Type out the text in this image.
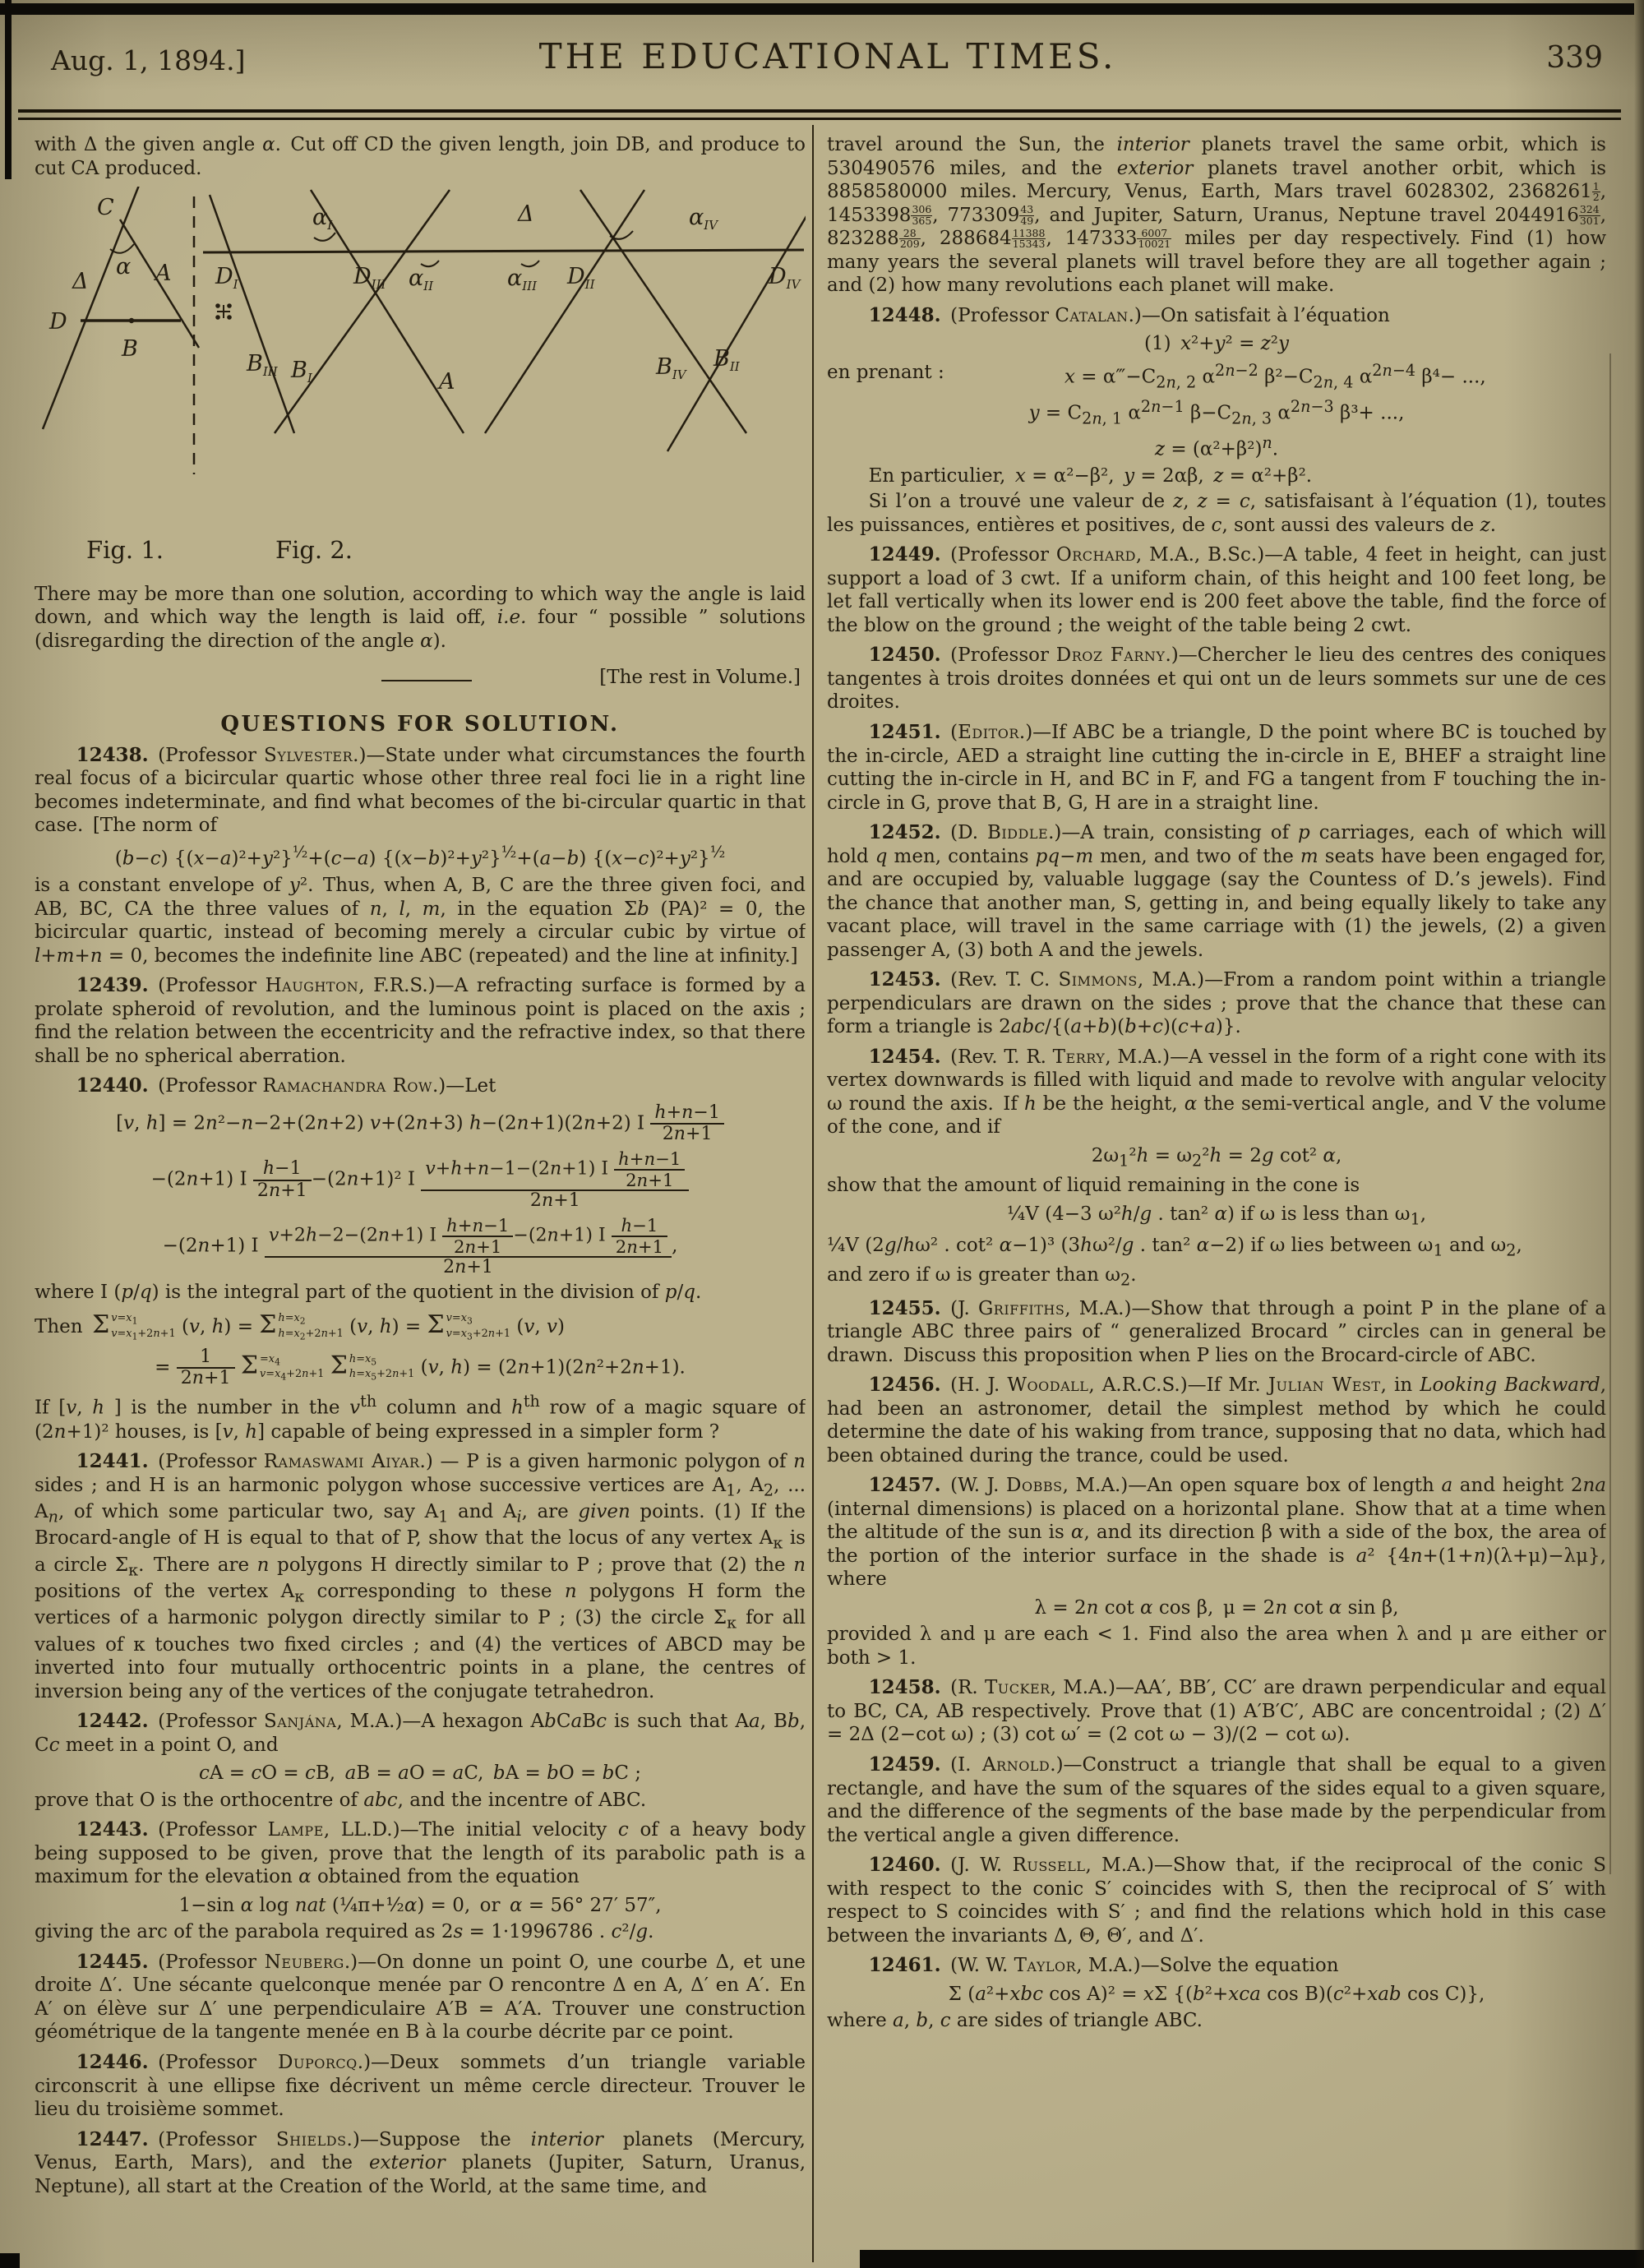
Aug. 1, 1894.]	THE EDUCATIONAL TIMES.	339

with Δ the given angle α. Cut off CD the given length, join DB, and produce to cut CA produced.

C
α
Δ	A
D
B
$D_I$	$D_{III}$	$D_{II}$	$D_{IV}$
$\alpha_I$
$\alpha_{II}$	$\alpha_{III}$
$\alpha_{IV}$
Δ
A
$B_{III}$ $B_I$	$B_{IV}$
$B_{II}$
Fig. 1.	Fig. 2.

There may be more than one solution, according to which way the angle is laid down, and which way the length is laid off, i.e. four “ possible ” solutions (disregarding the direction of the angle α).

[The rest in Volume.]
QUESTIONS FOR SOLUTION.

12438. (Professor Sylvester.)—State under what circumstances the fourth real focus of a bicircular quartic whose other three real foci lie in a right line becomes indeterminate, and find what becomes of the bi-circular quartic in that case. [The norm of
(b−c) $\{(x-a)^2+y^2\}^{\frac{1}{2}}+(c-a)$ $\{(x-b)^2+y^2\}^{\frac{1}{2}}+(a-b)$ $\{(x-c)^2+y^2\}^{\frac{1}{2}}$
is a constant envelope of y². Thus, when A, B, C are the three given foci, and AB, BC, CA the three values of n, l, m, in the equation Σb (PA)² = 0, the bicircular quartic, instead of becoming merely a circular cubic by virtue of l+m+n = 0, becomes the indefinite line ABC (repeated) and the line at infinity.]

12439. (Professor Haughton, F.R.S.)—A refracting surface is formed by a prolate spheroid of revolution, and the luminous point is placed on the axis ; find the relation between the eccentricity and the refractive index, so that there shall be no spherical aberration.

12440. (Professor Ramachandra Row.)—Let
[v, h] = 2n²−n−2+(2n+2) v+(2n+3) h−(2n+1)(2n+2) I $\frac{h+n-1}{2n+1}$
−(2n+1) I $\frac{h-1}{2n+1} -(2n+1)^2$ I $\frac{v+h+n-1-(2n+1) I \frac{h+n-1}{2n+1}}{2n+1}$
−(2n+1) I $\frac{v+2h-2-(2n+1) I \frac{h+n-1}{2n+1} -(2n+1) I \frac{h-1}{2n+1}}{2n+1}$ ,
where I (p/q) is the integral part of the quotient in the division of p/q.
Then Σ $v=x_1$
$v=x_1+2n+1$ (v, h) = Σ $h=x_2$
$h=x_2+2n+1$ (v, h) = Σ $v=x_3$
$v=x_3+2n+1$ (v, v)
= $\frac{1}{2n+1}$ $\Sigma =x_4$
$v=x_4+2n+1$ Σ $h=x_5$
$h=x_5+2n+1$ (v, h) = (2n+1)(2n²+2n+1).
If [v, h ] is the number in the $v^{th}$ column and $h^{th}$ row of a magic square of (2n+1)² houses, is [v, h] capable of being expressed in a simpler form ?

12441. (Professor Ramaswami Aiyar.) — P is a given harmonic polygon of n sides ; and H is an harmonic polygon whose successive vertices are $A_1$, $A_2$, ... $A_n$, of which some particular two, say $A_1$ and $A_i$, are given points. (1) If the Brocard-angle of H is equal to that of P, show that the locus of any vertex $A_\kappa$ is a circle $\Sigma_\kappa$. There are n polygons H directly similar to P ; prove that (2) the n positions of the vertex $A_\kappa$ corresponding to these n polygons H form the vertices of a harmonic polygon directly similar to P ; (3) the circle $\Sigma_\kappa$ for all values of κ touches two fixed circles ; and (4) the vertices of ABCD may be inverted into four mutually orthocentric points in a plane, the centres of inversion being any of the vertices of the conjugate tetrahedron.

12442. (Professor Sanjána, M.A.)—A hexagon AbCaBc is such that Aa, Bb, Cc meet in a point O, and
cA = cO = cB, aB = aO = aC, bA = bO = bC ;
prove that O is the orthocentre of abc, and the incentre of ABC.

12443. (Professor Lampe, LL.D.)—The initial velocity c of a heavy body being supposed to be given, prove that the length of its parabolic path is a maximum for the elevation α obtained from the equation
1−sin α log nat (¼π+½α) = 0, or α = 56° 27′ 57″,
giving the arc of the parabola required as 2s = 1·1996786 . c²/g.

12445. (Professor Neuberg.)—On donne un point O, une courbe Δ, et une droite Δ′. Une sécante quelconque menée par O rencontre Δ en A, Δ′ en A′. En A′ on élève sur Δ′ une perpendiculaire A′B = A′A. Trouver une construction géométrique de la tangente menée en B à la courbe décrite par ce point.

12446. (Professor Duporcq.)—Deux sommets d’un triangle variable circonscrit à une ellipse fixe décrivent un même cercle directeur. Trouver le lieu du troisième sommet.

12447. (Professor Shields.)—Suppose the interior planets (Mercury, Venus, Earth, Mars), and the exterior planets (Jupiter, Saturn, Uranus, Neptune), all start at the Creation of the World, at the same time, and

travel around the Sun, the interior planets travel the same orbit, which is 530490576 miles, and the exterior planets travel another orbit, which is 8858580000 miles. Mercury, Venus, Earth, Mars travel 6028302, $2368261 \frac{1}{2}$ , $1453398 \frac{306}{365}$ , $773309 \frac{43}{49}$ , and Jupiter, Saturn, Uranus, Neptune travel $2044916 \frac{324}{301}$ , $823288 \frac{28}{209}$ , $288684 \frac{11388}{15343}$ , $147333 \frac{6007}{10021}$ miles per day respectively. Find (1) how many years the several planets will travel before they are all together again ; and (2) how many revolutions each planet will make.

12448. (Professor Catalan.)—On satisfait à l’équation
(1) x²+y² = z²y
en prenant :	$x = \alpha‴-C_{2n, 2}$ $\alpha^{2n-2}$ $\beta^2-C_{2n, 4}$ $\alpha^{2n-4}$ β⁴− ...,
$y = C_{2n, 1}$ $\alpha^{2n-1}$ $\beta-C_{2n, 3}$ $\alpha^{2n-3}$ β³+ ...,
$z = (\alpha^2+\beta^2)^n$.
En particulier, x = α²−β², y = 2αβ, z = α²+β².
Si l’on a trouvé une valeur de z, z = c, satisfaisant à l’équation (1), toutes les puissances, entières et positives, de c, sont aussi des valeurs de z.

12449. (Professor Orchard, M.A., B.Sc.)—A table, 4 feet in height, can just support a load of 3 cwt. If a uniform chain, of this height and 100 feet long, be let fall vertically when its lower end is 200 feet above the table, find the force of the blow on the ground ; the weight of the table being 2 cwt.

12450. (Professor Droz Farny.)—Chercher le lieu des centres des coniques tangentes à trois droites données et qui ont un de leurs sommets sur une de ces droites.

12451. (Editor.)—If ABC be a triangle, D the point where BC is touched by the in-circle, AED a straight line cutting the in-circle in E, BHEF a straight line cutting the in-circle in H, and BC in F, and FG a tangent from F touching the in-circle in G, prove that B, G, H are in a straight line.

12452. (D. Biddle.)—A train, consisting of p carriages, each of which will hold q men, contains pq−m men, and two of the m seats have been engaged for, and are occupied by, valuable luggage (say the Countess of D.’s jewels). Find the chance that another man, S, getting in, and being equally likely to take any vacant place, will travel in the same carriage with (1) the jewels, (2) a given passenger A, (3) both A and the jewels.

12453. (Rev. T. C. Simmons, M.A.)—From a random point within a triangle perpendiculars are drawn on the sides ; prove that the chance that these can form a triangle is 2abc/{(a+b)(b+c)(c+a)}.

12454. (Rev. T. R. Terry, M.A.)—A vessel in the form of a right cone with its vertex downwards is filled with liquid and made to revolve with angular velocity ω round the axis. If h be the height, α the semi-vertical angle, and V the volume of the cone, and if
$2\omega_1^2h = \omega_2^2h = 2g$ cot² α,
show that the amount of liquid remaining in the cone is
¼V (4−3 ω²h/g . tan² α) if ω is less than $\omega_1$,
¼V (2g/hω² . cot² α−1)³ (3hω²/g . tan² α−2) if ω lies between $\omega_1$ and $\omega_2$,
and zero if ω is greater than $\omega_2$.

12455. (J. Griffiths, M.A.)—Show that through a point P in the plane of a triangle ABC three pairs of “ generalized Brocard ” circles can in general be drawn. Discuss this proposition when P lies on the Brocard-circle of ABC.

12456. (H. J. Woodall, A.R.C.S.)—If Mr. Julian West, in Looking Backward, had been an astronomer, detail the simplest method by which he could determine the date of his waking from trance, supposing that no data, which had been obtained during the trance, could be used.

12457. (W. J. Dobbs, M.A.)—An open square box of length a and height 2na (internal dimensions) is placed on a horizontal plane. Show that at a time when the altitude of the sun is α, and its direction β with a side of the box, the area of the portion of the interior surface in the shade is a² {4n+(1+n)(λ+μ)−λμ}, where
λ = 2n cot α cos β, μ = 2n cot α sin β,
provided λ and μ are each < 1. Find also the area when λ and μ are either or both > 1.

12458. (R. Tucker, M.A.)—AA′, BB′, CC′ are drawn perpendicular and equal to BC, CA, AB respectively. Prove that (1) A′B′C′, ABC are concentroidal ; (2) Δ′ = 2Δ (2−cot ω) ; (3) cot ω′ = (2 cot ω − 3)/(2 − cot ω).

12459. (I. Arnold.)—Construct a triangle that shall be equal to a given rectangle, and have the sum of the squares of the sides equal to a given square, and the difference of the segments of the base made by the perpendicular from the vertical angle a given difference.

12460. (J. W. Russell, M.A.)—Show that, if the reciprocal of the conic S with respect to the conic S′ coincides with S, then the reciprocal of S′ with respect to S coincides with S′ ; and find the relations which hold in this case between the invariants Δ, Θ, Θ′, and Δ′.

12461. (W. W. Taylor, M.A.)—Solve the equation
Σ (a²+xbc cos A)² = xΣ {(b²+xca cos B)(c²+xab cos C)},
where a, b, c are sides of triangle ABC.
